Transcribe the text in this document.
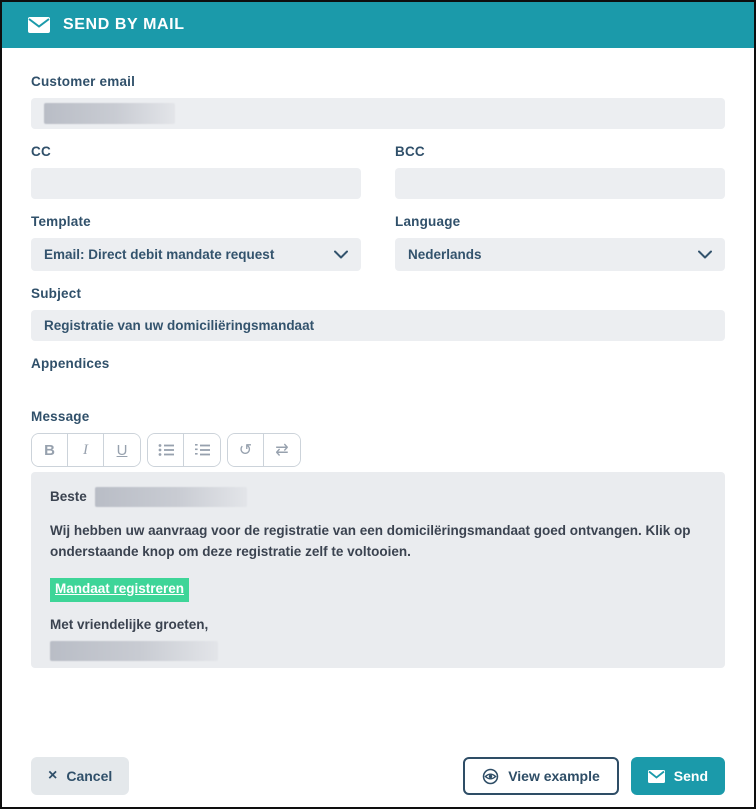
SEND BY MAIL
Customer email
CC	BCC
Template
Email: Direct debit mandate request
Language
Nederlands
Subject
Registratie van uw domiciliëringsmandaat
Appendices
Message
B	I	U	↺	⇄
Beste

Wij hebben uw aanvraag voor de registratie van een domicilëringsmandaat goed ontvangen. Klik op onderstaande knop om deze registratie zelf te voltooien.

Mandaat registreren
Met vriendelijke groeten,
× Cancel	View example	Send
